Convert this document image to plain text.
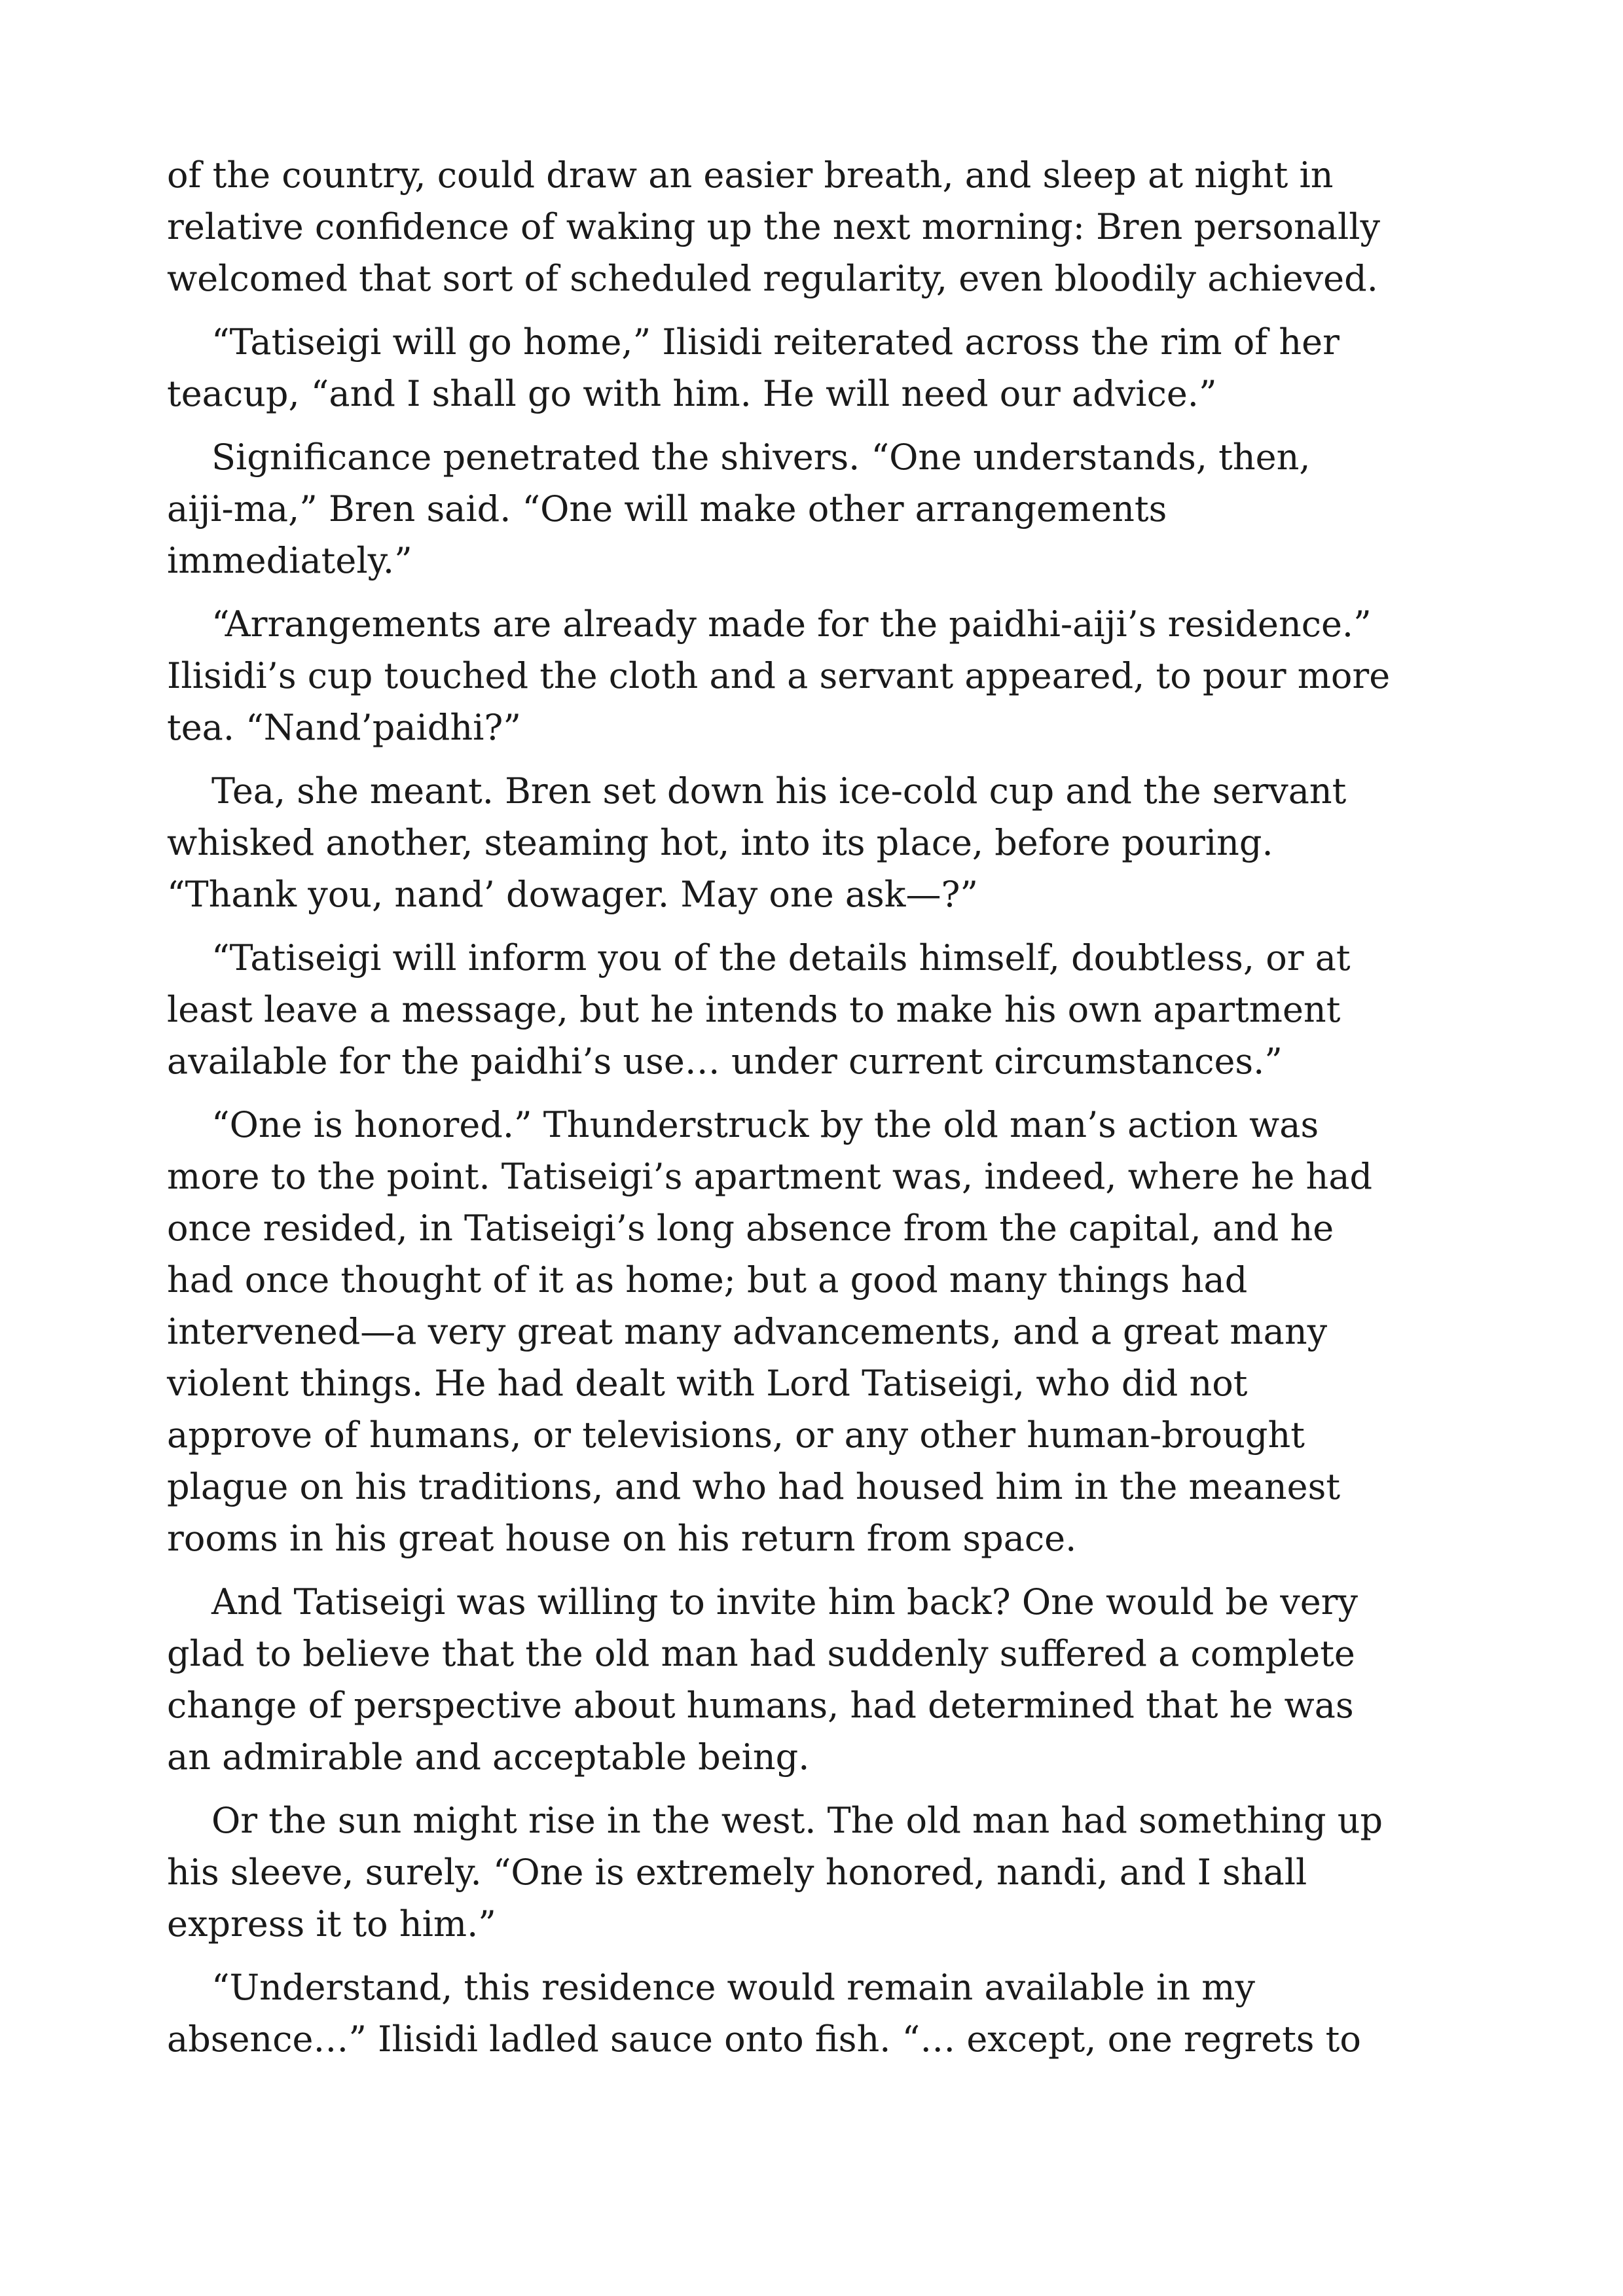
of the country, could draw an easier breath, and sleep at night in
relative confidence of waking up the next morning: Bren personally
welcomed that sort of scheduled regularity, even bloodily achieved.
“Tatiseigi will go home,” Ilisidi reiterated across the rim of her
teacup, “and I shall go with him. He will need our advice.”
Significance penetrated the shivers. “One understands, then,
aiji-ma,” Bren said. “One will make other arrangements
immediately.”
“Arrangements are already made for the paidhi-aiji’s residence.”
Ilisidi’s cup touched the cloth and a servant appeared, to pour more
tea. “Nand’paidhi?”
Tea, she meant. Bren set down his ice-cold cup and the servant
whisked another, steaming hot, into its place, before pouring.
“Thank you, nand’ dowager. May one ask—?”
“Tatiseigi will inform you of the details himself, doubtless, or at
least leave a message, but he intends to make his own apartment
available for the paidhi’s use… under current circumstances.”
“One is honored.” Thunderstruck by the old man’s action was
more to the point. Tatiseigi’s apartment was, indeed, where he had
once resided, in Tatiseigi’s long absence from the capital, and he
had once thought of it as home; but a good many things had
intervened—a very great many advancements, and a great many
violent things. He had dealt with Lord Tatiseigi, who did not
approve of humans, or televisions, or any other human-brought
plague on his traditions, and who had housed him in the meanest
rooms in his great house on his return from space.
And Tatiseigi was willing to invite him back? One would be very
glad to believe that the old man had suddenly suffered a complete
change of perspective about humans, had determined that he was
an admirable and acceptable being.
Or the sun might rise in the west. The old man had something up
his sleeve, surely. “One is extremely honored, nandi, and I shall
express it to him.”
“Understand, this residence would remain available in my
absence…” Ilisidi ladled sauce onto fish. “… except, one regrets to
